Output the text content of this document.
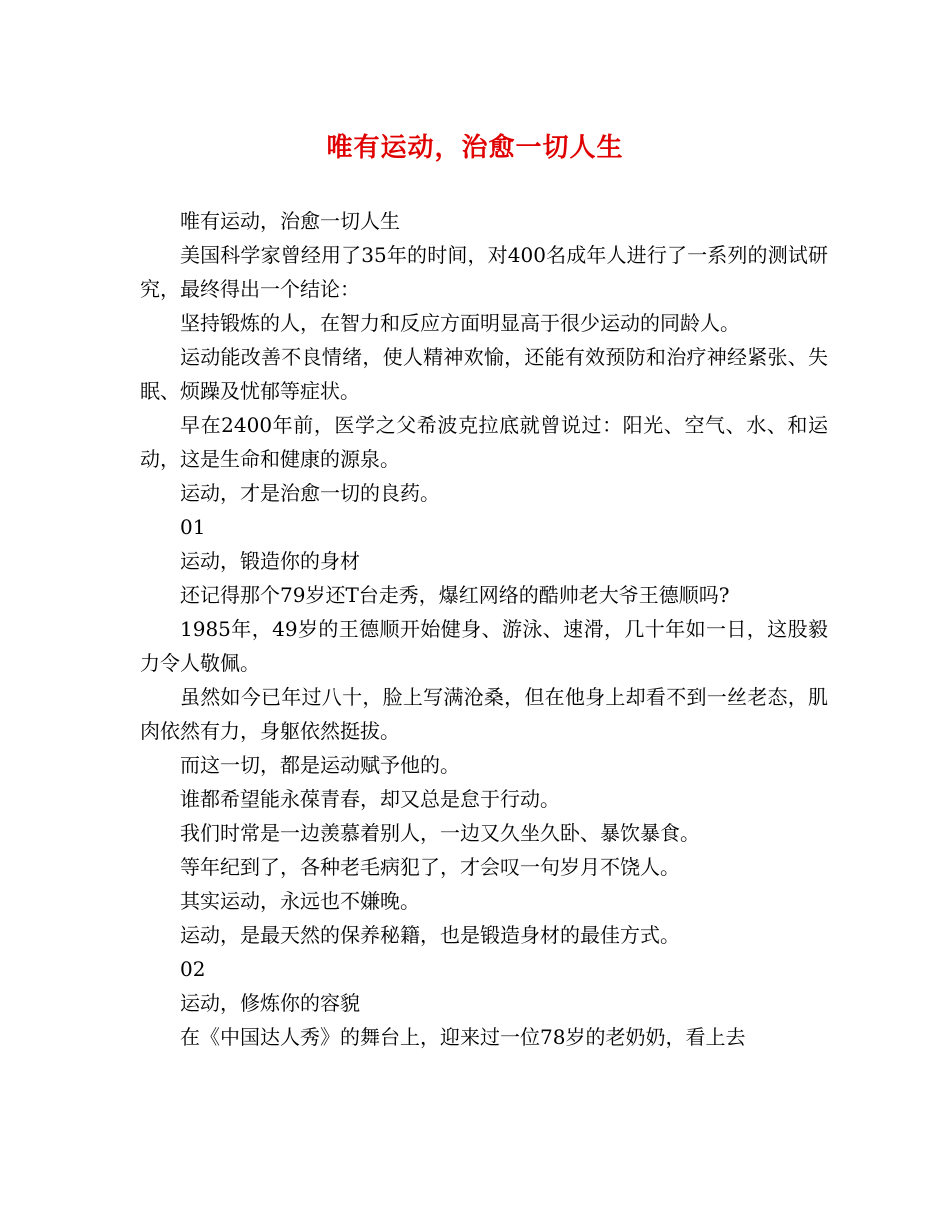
唯有运动，治愈一切人生

唯有运动，治愈一切人生

美国科学家曾经用了35年的时间，对400名成年人进行了一系列的测试研究，最终得出一个结论：

坚持锻炼的人，在智力和反应方面明显高于很少运动的同龄人。

运动能改善不良情绪，使人精神欢愉，还能有效预防和治疗神经紧张、失眠、烦躁及忧郁等症状。

早在2400年前，医学之父希波克拉底就曾说过：阳光、空气、水、和运动，这是生命和健康的源泉。

运动，才是治愈一切的良药。

01

运动，锻造你的身材

还记得那个79岁还T台走秀，爆红网络的酷帅老大爷王德顺吗?

1985年，49岁的王德顺开始健身、游泳、速滑，几十年如一日，这股毅力令人敬佩。

虽然如今已年过八十，脸上写满沧桑，但在他身上却看不到一丝老态，肌肉依然有力，身躯依然挺拔。

而这一切，都是运动赋予他的。

谁都希望能永葆青春，却又总是怠于行动。

我们时常是一边羡慕着别人，一边又久坐久卧、暴饮暴食。

等年纪到了，各种老毛病犯了，才会叹一句岁月不饶人。

其实运动，永远也不嫌晚。

运动，是最天然的保养秘籍，也是锻造身材的最佳方式。

02

运动，修炼你的容貌

在《中国达人秀》的舞台上，迎来过一位78岁的老奶奶，看上去
